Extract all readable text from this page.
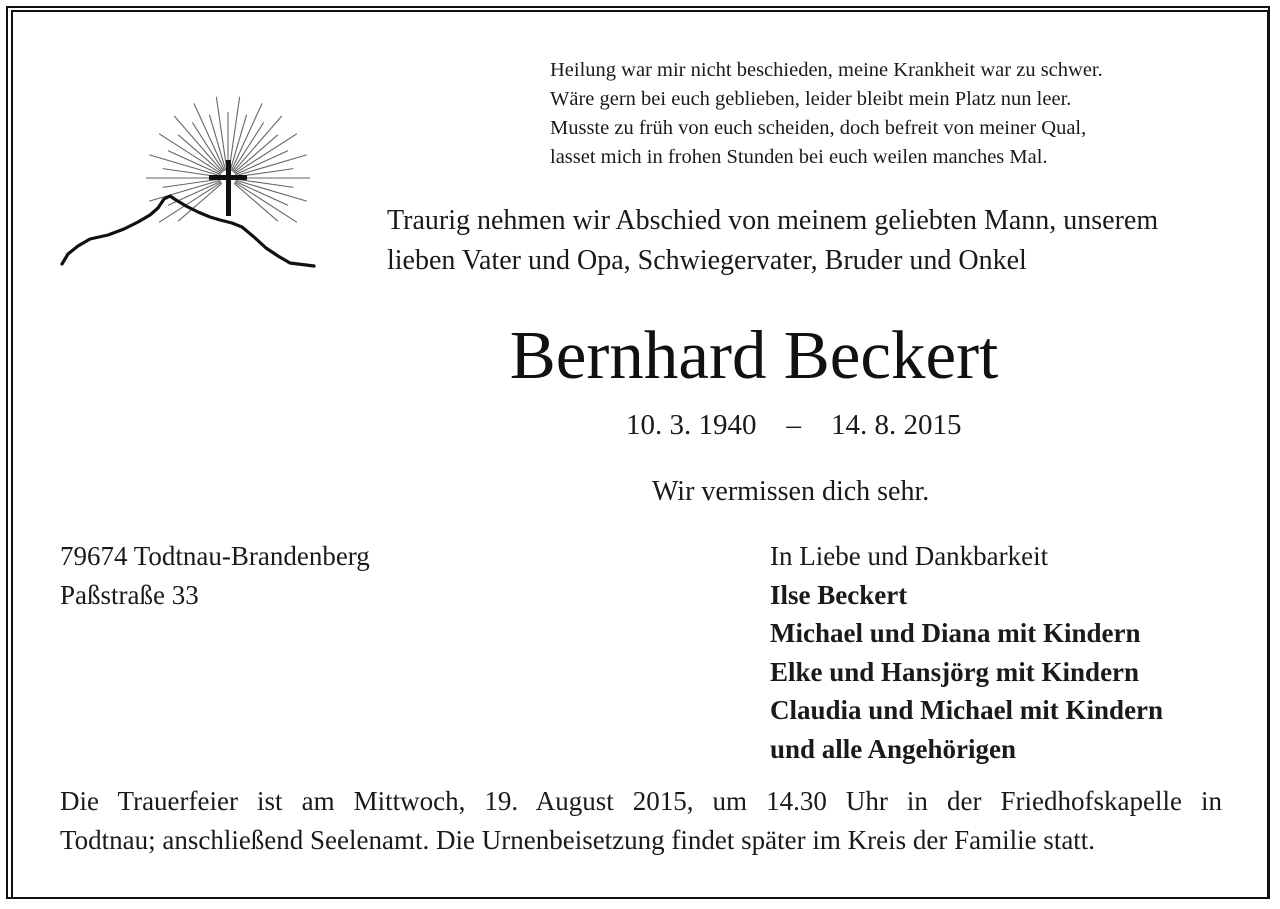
Heilung war mir nicht beschieden, meine Krankheit war zu schwer.
Wäre gern bei euch geblieben, leider bleibt mein Platz nun leer.
Musste zu früh von euch scheiden, doch befreit von meiner Qual,
lasset mich in frohen Stunden bei euch weilen manches Mal.
Traurig nehmen wir Abschied von meinem geliebten Mann, unserem
lieben Vater und Opa, Schwiegervater, Bruder und Onkel
Bernhard Beckert
10. 3. 1940 – 14. 8. 2015
Wir vermissen dich sehr.
79674 Todtnau-Brandenberg
Paßstraße 33
In Liebe und Dankbarkeit
Ilse Beckert
Michael und Diana mit Kindern
Elke und Hansjörg mit Kindern
Claudia und Michael mit Kindern
und alle Angehörigen
Die Trauerfeier ist am Mittwoch, 19. August 2015, um 14.30 Uhr in der Friedhofskapelle in
Todtnau; anschließend Seelenamt. Die Urnenbeisetzung findet später im Kreis der Familie statt.
